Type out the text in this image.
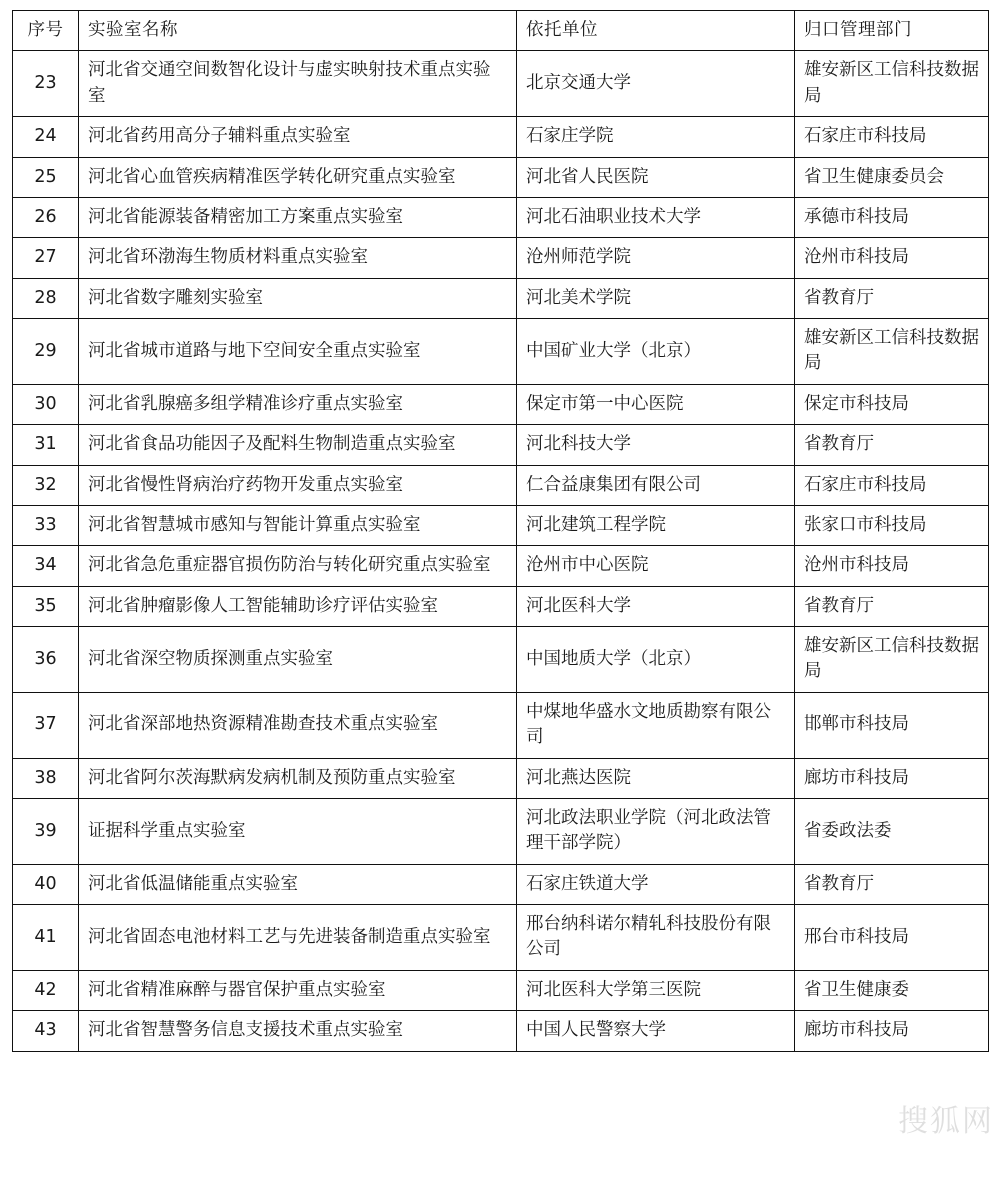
序号	实验室名称	依托单位	归口管理部门
23	河北省交通空间数智化设计与虚实映射技术重点实验室	北京交通大学	雄安新区工信科技数据局
24	河北省药用高分子辅料重点实验室	石家庄学院	石家庄市科技局
25	河北省心血管疾病精准医学转化研究重点实验室	河北省人民医院	省卫生健康委员会
26	河北省能源装备精密加工方案重点实验室	河北石油职业技术大学	承德市科技局
27	河北省环渤海生物质材料重点实验室	沧州师范学院	沧州市科技局
28	河北省数字雕刻实验室	河北美术学院	省教育厅
29	河北省城市道路与地下空间安全重点实验室	中国矿业大学（北京）	雄安新区工信科技数据局
30	河北省乳腺癌多组学精准诊疗重点实验室	保定市第一中心医院	保定市科技局
31	河北省食品功能因子及配料生物制造重点实验室	河北科技大学	省教育厅
32	河北省慢性肾病治疗药物开发重点实验室	仁合益康集团有限公司	石家庄市科技局
33	河北省智慧城市感知与智能计算重点实验室	河北建筑工程学院	张家口市科技局
34	河北省急危重症器官损伤防治与转化研究重点实验室	沧州市中心医院	沧州市科技局
35	河北省肿瘤影像人工智能辅助诊疗评估实验室	河北医科大学	省教育厅
36	河北省深空物质探测重点实验室	中国地质大学（北京）	雄安新区工信科技数据局
37	河北省深部地热资源精准勘查技术重点实验室	中煤地华盛水文地质勘察有限公司	邯郸市科技局
38	河北省阿尔茨海默病发病机制及预防重点实验室	河北燕达医院	廊坊市科技局
39	证据科学重点实验室	河北政法职业学院（河北政法管理干部学院）	省委政法委
40	河北省低温储能重点实验室	石家庄铁道大学	省教育厅
41	河北省固态电池材料工艺与先进装备制造重点实验室	邢台纳科诺尔精轧科技股份有限公司	邢台市科技局
42	河北省精准麻醉与器官保护重点实验室	河北医科大学第三医院	省卫生健康委
43	河北省智慧警务信息支援技术重点实验室	中国人民警察大学	廊坊市科技局
搜狐网
